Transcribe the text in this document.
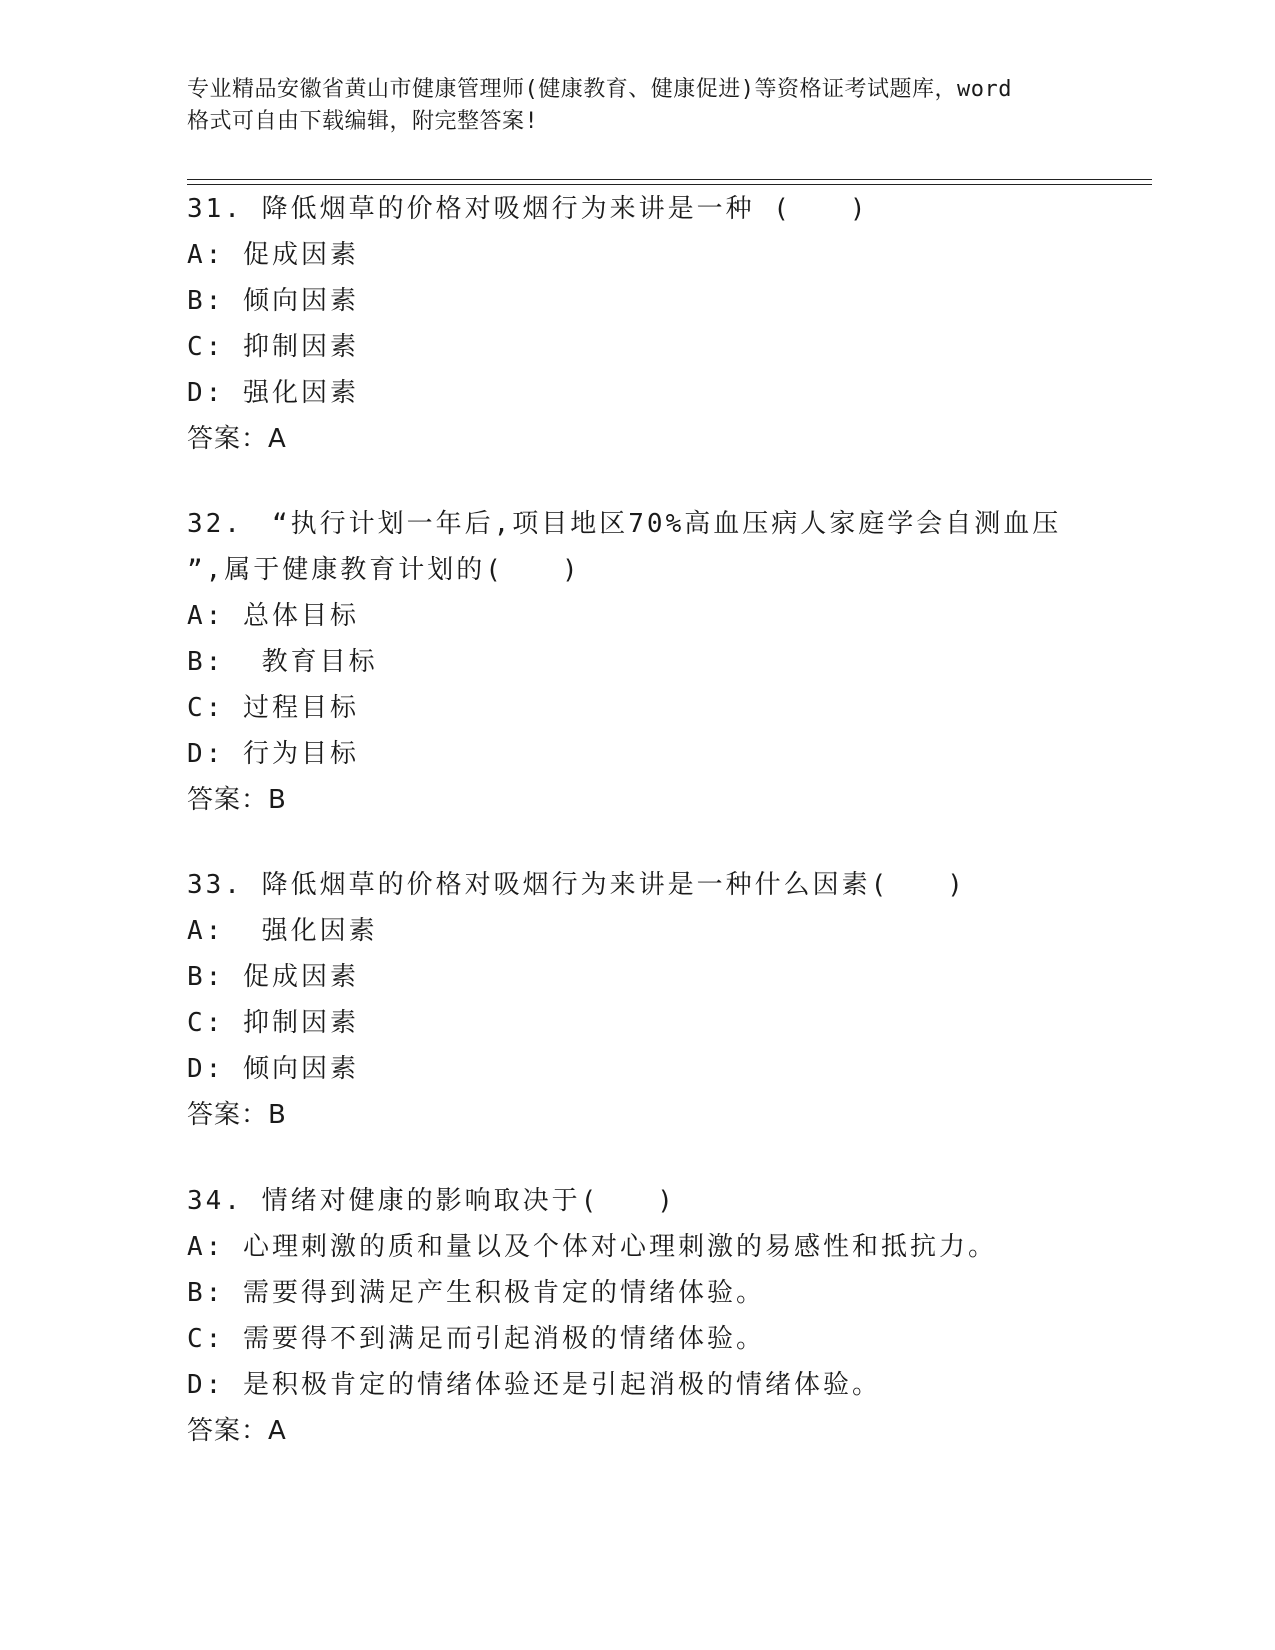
专业精品安徽省黄山市健康管理师(健康教育、健康促进)等资格证考试题库，word
格式可自由下载编辑，附完整答案!

31. 降低烟草的价格对吸烟行为来讲是一种 (　　)

A: 促成因素

B: 倾向因素

C: 抑制因素

D: 强化因素

答案：A

32.　“执行计划一年后,项目地区70%高血压病人家庭学会自测血压

”,属于健康教育计划的(　　)

A: 总体目标

B:  教育目标

C: 过程目标

D: 行为目标

答案：B

33. 降低烟草的价格对吸烟行为来讲是一种什么因素(　　)

A:  强化因素

B: 促成因素

C: 抑制因素

D: 倾向因素

答案：B

34. 情绪对健康的影响取决于(　　)

A: 心理刺激的质和量以及个体对心理刺激的易感性和抵抗力。

B: 需要得到满足产生积极肯定的情绪体验。

C: 需要得不到满足而引起消极的情绪体验。

D: 是积极肯定的情绪体验还是引起消极的情绪体验。

答案：A
